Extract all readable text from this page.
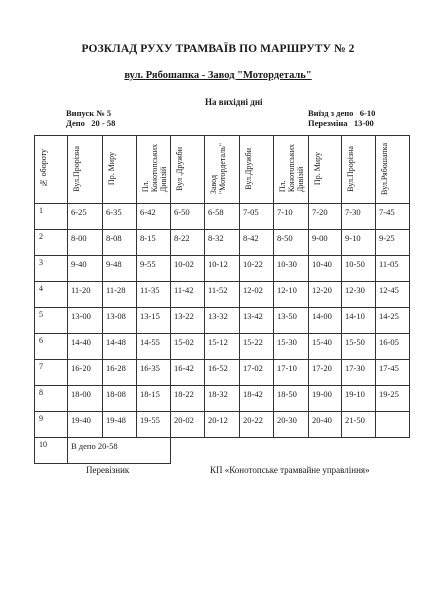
РОЗКЛАД РУХУ ТРАМВАЇВ ПО МАРШРУТУ № 2
вул. Рябошапка - Завод "Мотордеталь"
На вихідні дні
Випуск № 5
Депо 20 - 58
Виїзд з депо 6-10
Перезміна 13-00
№ обороту	Вул.Прорізна	Пр. Миру	Пл.
Конотопських
Дивізій	Вул .Дружби	Завод
"Мотордеталь"	Вул.Дружби	Пл.
Конотопських
Дивізій	Пр. Миру	Вул.Прорізна	Вул.Рябошапка
1	6-25	6-35	6-42	6-50	6-58	7-05	7-10	7-20	7-30	7-45
2	8-00	8-08	8-15	8-22	8-32	8-42	8-50	9-00	9-10	9-25
3	9-40	9-48	9-55	10-02	10-12	10-22	10-30	10-40	10-50	11-05
4	11-20	11-28	11-35	11-42	11-52	12-02	12-10	12-20	12-30	12-45
5	13-00	13-08	13-15	13-22	13-32	13-42	13-50	14-00	14-10	14-25
6	14-40	14-48	14-55	15-02	15-12	15-22	15-30	15-40	15-50	16-05
7	16-20	16-28	16-35	16-42	16-52	17-02	17-10	17-20	17-30	17-45
8	18-00	18-08	18-15	18-22	18-32	18-42	18-50	19-00	19-10	19-25
9	19-40	19-48	19-55	20-02	20-12	20-22	20-30	20-40	21-50	
10	В депо 20-58									
Перевізник	КП «Конотопське трамвайне управління»
